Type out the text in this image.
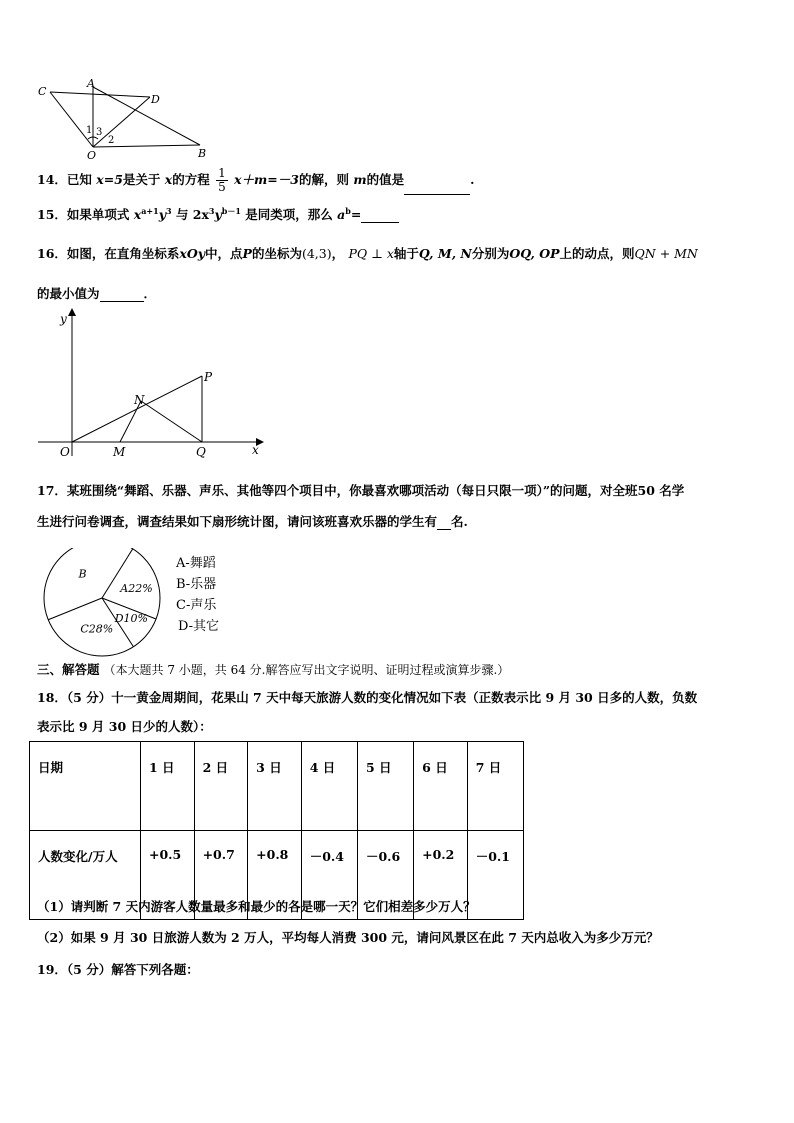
C
A
D
O	B
1 3
2
14．已知 x=5是关于 x的方程 $\frac{1}{5} x+m=-3$的解，则 m的值是	.
15．如果单项式 $x^{a+1}y^3$ 与 $2x^3y^{b-1}$ 是同类项，那么 $a^b=$
16．如图，在直角坐标系xOy中，点P的坐标为(4,3)， PQ ⊥ x轴于Q, M, N分别为OQ, OP上的动点，则QN + MN
的最小值为	．
y
x
O	M	Q
N
P
17．某班围绕“舞蹈、乐器、声乐、其他等四个项目中，你最喜欢哪项活动（每日只限一项）”的问题，对全班50 名学
生进行问卷调查，调查结果如下扇形统计图，请问该班喜欢乐器的学生有 名.
A22%
D10%
C28%
B
A-舞蹈
B-乐器
C-声乐
D-其它
三、解答题 （本大题共 7 小题，共 64 分.解答应写出文字说明、证明过程或演算步骤.）
18．（5 分）十一黄金周期间，花果山 7 天中每天旅游人数的变化情况如下表（正数表示比 9 月 30 日多的人数，负数
表示比 9 月 30 日少的人数）：
日期	1 日	2 日	3 日	4 日	5 日	6 日	7 日
人数变化/万人	+0.5	+0.7	+0.8	－0.4	－0.6	+0.2	－0.1
（1）请判断 7 天内游客人数量最多和最少的各是哪一天？它们相差多少万人？
（2）如果 9 月 30 日旅游人数为 2 万人，平均每人消费 300 元，请问风景区在此 7 天内总收入为多少万元？
19．（5 分）解答下列各题：
